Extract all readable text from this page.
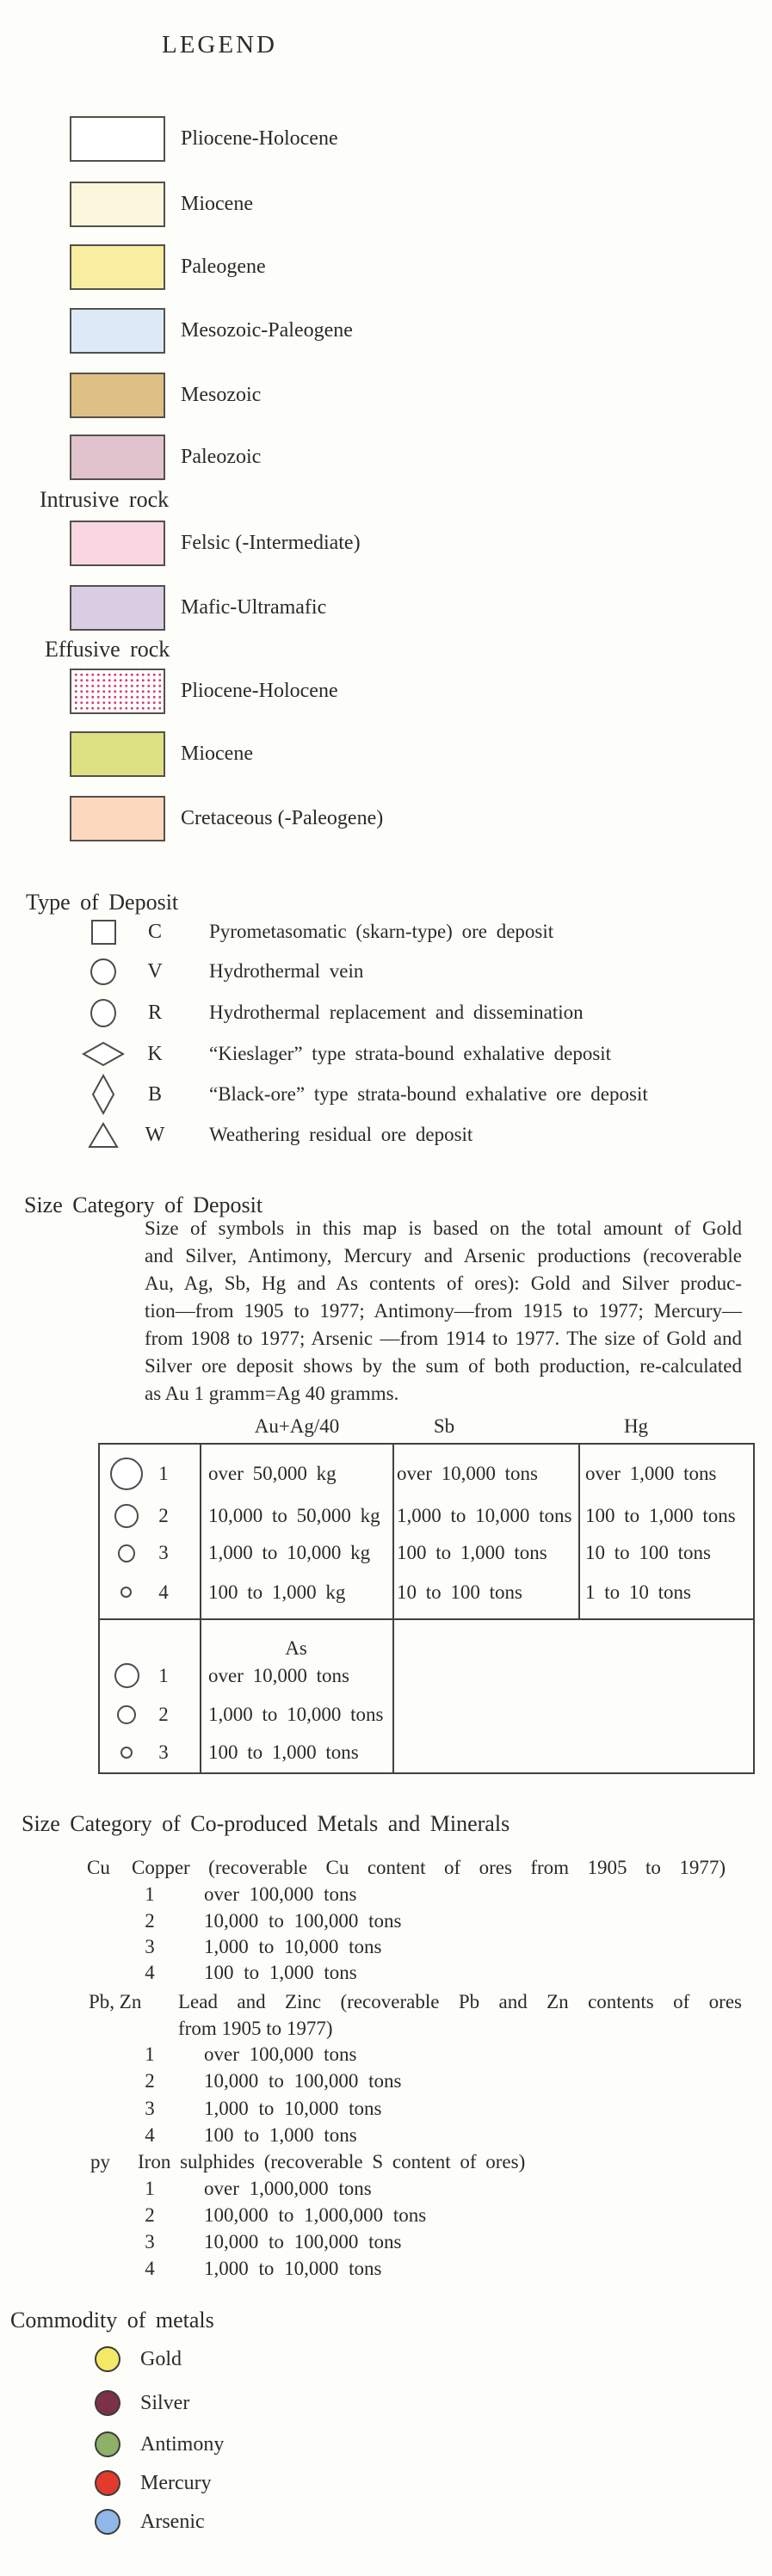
LEGEND
Pliocene-Holocene
Miocene
Paleogene
Mesozoic-Paleogene
Mesozoic
Paleozoic
Intrusive rock
Felsic (-Intermediate)
Mafic-Ultramafic
Effusive rock
Pliocene-Holocene
Miocene
Cretaceous (-Paleogene)
Type of Deposit
C Pyrometasomatic (skarn-type) ore deposit
V Hydrothermal vein
R Hydrothermal replacement and dissemination
K “Kieslager” type strata-bound exhalative deposit
B “Black-ore” type strata-bound exhalative ore deposit
W Weathering residual ore deposit
Size Category of Deposit
Size of symbols in this map is based on the total amount of Gold
and Silver, Antimony, Mercury and Arsenic productions (recoverable
Au, Ag, Sb, Hg and As contents of ores): Gold and Silver produc-
tion—from 1905 to 1977; Antimony—from 1915 to 1977; Mercury—
from 1908 to 1977; Arsenic —from 1914 to 1977. The size of Gold and
Silver ore deposit shows by the sum of both production, re-calculated
as Au 1 gramm=Ag 40 gramms.
Au+Ag/40	Sb	Hg
1 over 50,000 kg	over 10,000 tons over 1,000 tons
2 10,000 to 50,000 kg 1,000 to 10,000 tons 100 to 1,000 tons
3 1,000 to 10,000 kg 100 to 1,000 tons 10 to 100 tons
4 100 to 1,000 kg	10 to 100 tons	1 to 10 tons
As
1 over 10,000 tons
2 1,000 to 10,000 tons
3 100 to 1,000 tons
Size Category of Co-produced Metals and Minerals
Cu Copper (recoverable Cu content of ores from 1905 to 1977)
1 over 100,000 tons
2 10,000 to 100,000 tons
3 1,000 to 10,000 tons
4 100 to 1,000 tons
Pb, Zn Lead and Zinc (recoverable Pb and Zn contents of ores
from 1905 to 1977)
1 over 100,000 tons
2 10,000 to 100,000 tons
3 1,000 to 10,000 tons
4 100 to 1,000 tons
py Iron sulphides (recoverable S content of ores)
1 over 1,000,000 tons
2 100,000 to 1,000,000 tons
3 10,000 to 100,000 tons
4 1,000 to 10,000 tons
Commodity of metals
Gold
Silver
Antimony
Mercury
Arsenic
